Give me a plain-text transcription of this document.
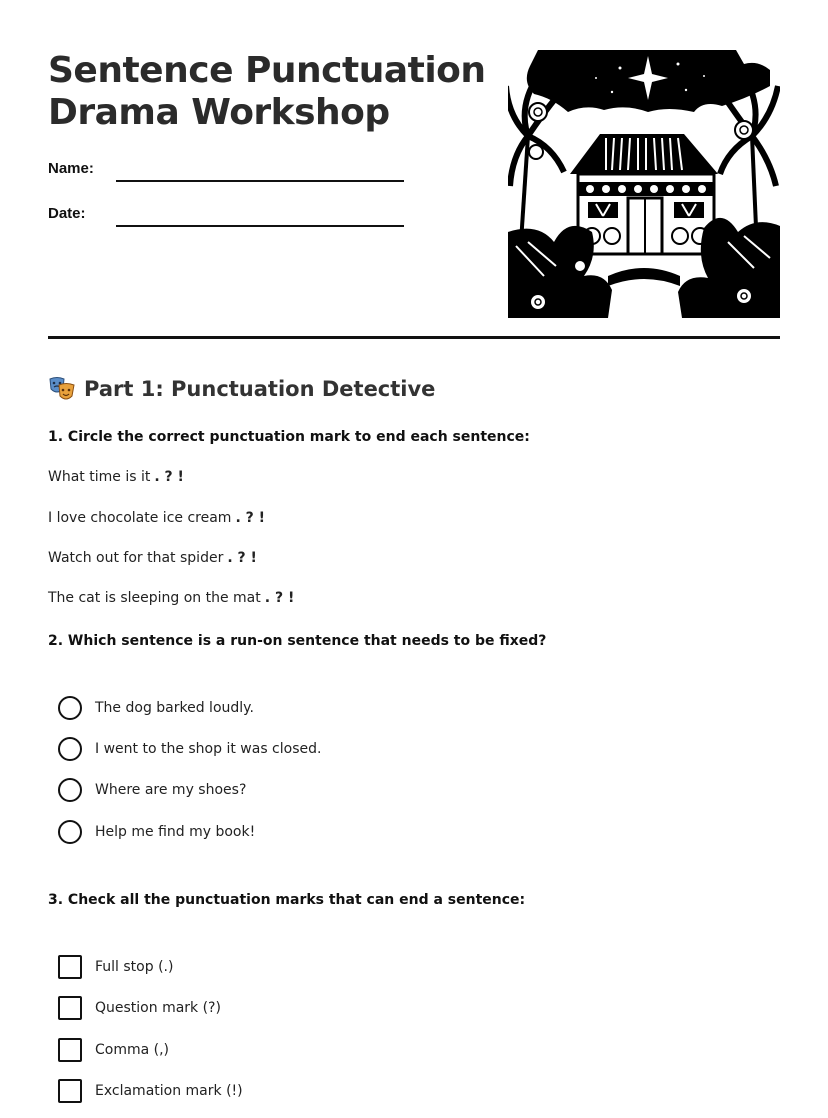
Sentence Punctuation
Drama Workshop
Name:
Date:
Part 1: Punctuation Detective
1. Circle the correct punctuation mark to end each sentence:
What time is it . ? !
I love chocolate ice cream . ? !
Watch out for that spider . ? !
The cat is sleeping on the mat . ? !
2. Which sentence is a run-on sentence that needs to be fixed?
The dog barked loudly.
I went to the shop it was closed.
Where are my shoes?
Help me find my book!
3. Check all the punctuation marks that can end a sentence:
Full stop (.)
Question mark (?)
Comma (,)
Exclamation mark (!)
